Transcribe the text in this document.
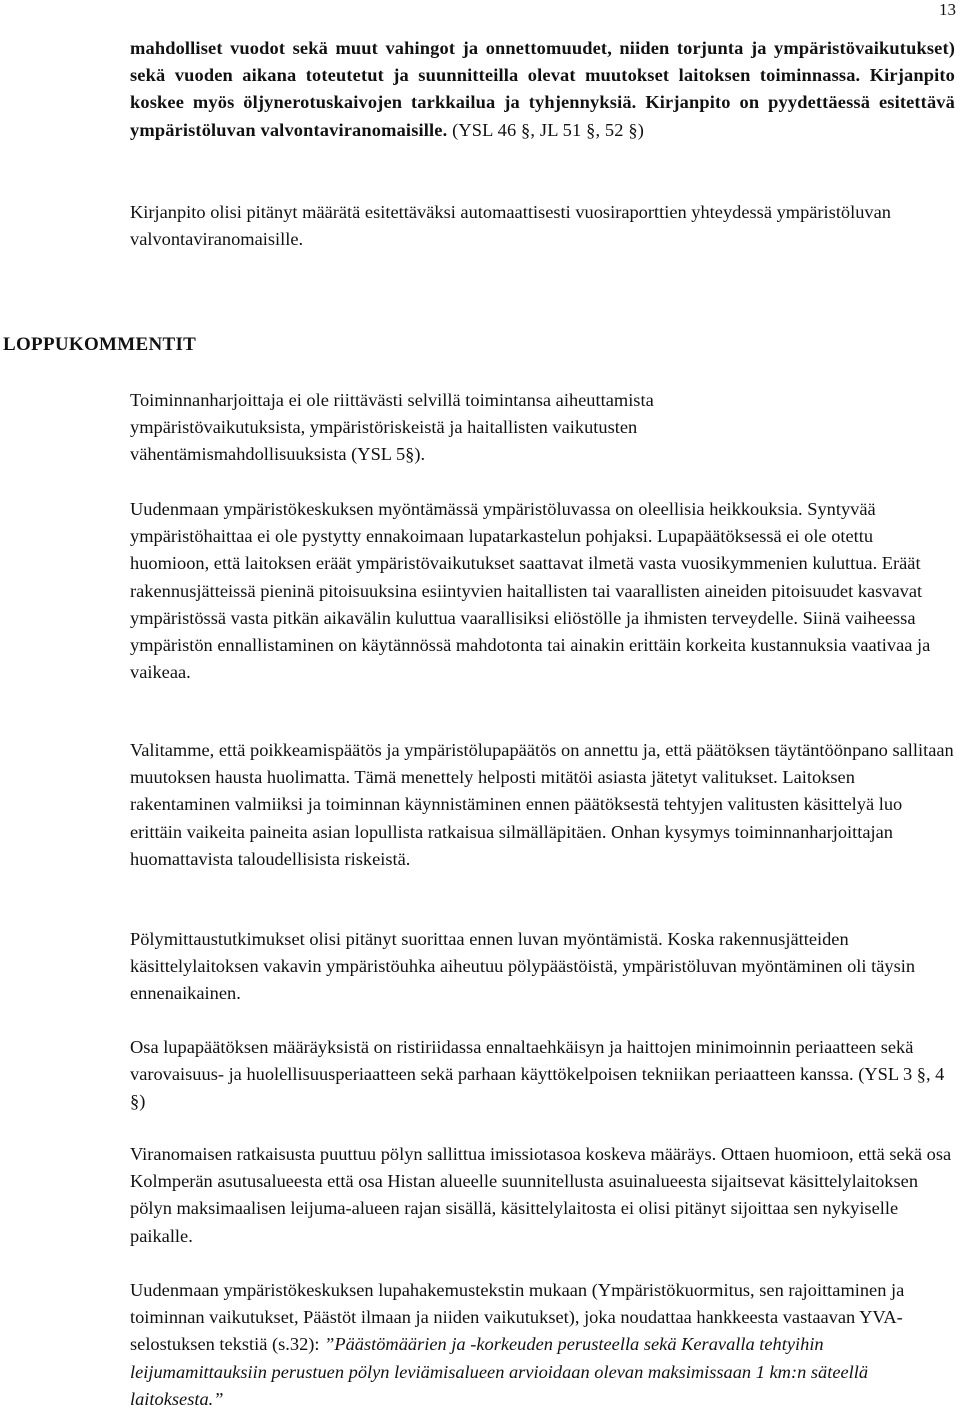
13

mahdolliset vuodot sekä muut vahingot ja onnettomuudet, niiden torjunta ja ympäristövaikutukset) sekä vuoden aikana toteutetut ja suunnitteilla olevat muutokset laitoksen toiminnassa. Kirjanpito koskee myös öljynerotuskaivojen tarkkailua ja tyhjennyksiä. Kirjanpito on pyydettäessä esitettävä ympäristöluvan valvontaviranomaisille. (YSL 46 §, JL 51 §, 52 §)

Kirjanpito olisi pitänyt määrätä esitettäväksi automaattisesti vuosiraporttien yhteydessä ympäristöluvan valvontaviranomaisille.

LOPPUKOMMENTIT

Toiminnanharjoittaja ei ole riittävästi selvillä toimintansa aiheuttamista ympäristövaikutuksista, ympäristöriskeistä ja haitallisten vaikutusten vähentämismahdollisuuksista (YSL 5§).

Uudenmaan ympäristökeskuksen myöntämässä ympäristöluvassa on oleellisia heikkouksia. Syntyvää ympäristöhaittaa ei ole pystytty ennakoimaan lupatarkastelun pohjaksi. Lupapäätöksessä ei ole otettu huomioon, että laitoksen eräät ympäristövaikutukset saattavat ilmetä vasta vuosikymmenien kuluttua. Eräät rakennusjätteissä pieninä pitoisuuksina esiintyvien haitallisten tai vaarallisten aineiden pitoisuudet kasvavat ympäristössä vasta pitkän aikavälin kuluttua vaarallisiksi eliöstölle ja ihmisten terveydelle. Siinä vaiheessa ympäristön ennallistaminen on käytännössä mahdotonta tai ainakin erittäin korkeita kustannuksia vaativaa ja vaikeaa.

Valitamme, että poikkeamispäätös ja ympäristölupapäätös on annettu ja, että päätöksen täytäntöönpano sallitaan muutoksen hausta huolimatta. Tämä menettely helposti mitätöi asiasta jätetyt valitukset. Laitoksen rakentaminen valmiiksi ja toiminnan käynnistäminen ennen päätöksestä tehtyjen valitusten käsittelyä luo erittäin vaikeita paineita asian lopullista ratkaisua silmälläpitäen. Onhan kysymys toiminnanharjoittajan huomattavista taloudellisista riskeistä.

Pölymittaustutkimukset olisi pitänyt suorittaa ennen luvan myöntämistä. Koska rakennusjätteiden käsittelylaitoksen vakavin ympäristöuhka aiheutuu pölypäästöistä, ympäristöluvan myöntäminen oli täysin ennenaikainen.

Osa lupapäätöksen määräyksistä on ristiriidassa ennaltaehkäisyn ja haittojen minimoinnin periaatteen sekä varovaisuus- ja huolellisuusperiaatteen sekä parhaan käyttökelpoisen tekniikan periaatteen kanssa. (YSL 3 §, 4 §)

Viranomaisen ratkaisusta puuttuu pölyn sallittua imissiotasoa koskeva määräys. Ottaen huomioon, että sekä osa Kolmperän asutusalueesta että osa Histan alueelle suunnitellusta asuinalueesta sijaitsevat käsittelylaitoksen pölyn maksimaalisen leijuma-alueen rajan sisällä, käsittelylaitosta ei olisi pitänyt sijoittaa sen nykyiselle paikalle.

Uudenmaan ympäristökeskuksen lupahakemustekstin mukaan (Ympäristökuormitus, sen rajoittaminen ja toiminnan vaikutukset, Päästöt ilmaan ja niiden vaikutukset), joka noudattaa hankkeesta vastaavan YVA-selostuksen tekstiä (s.32): ”Päästömäärien ja -korkeuden perusteella sekä Keravalla tehtyihin leijumamittauksiin perustuen pölyn leviämisalueen arvioidaan olevan maksimissaan 1 km:n säteellä laitoksesta.”
